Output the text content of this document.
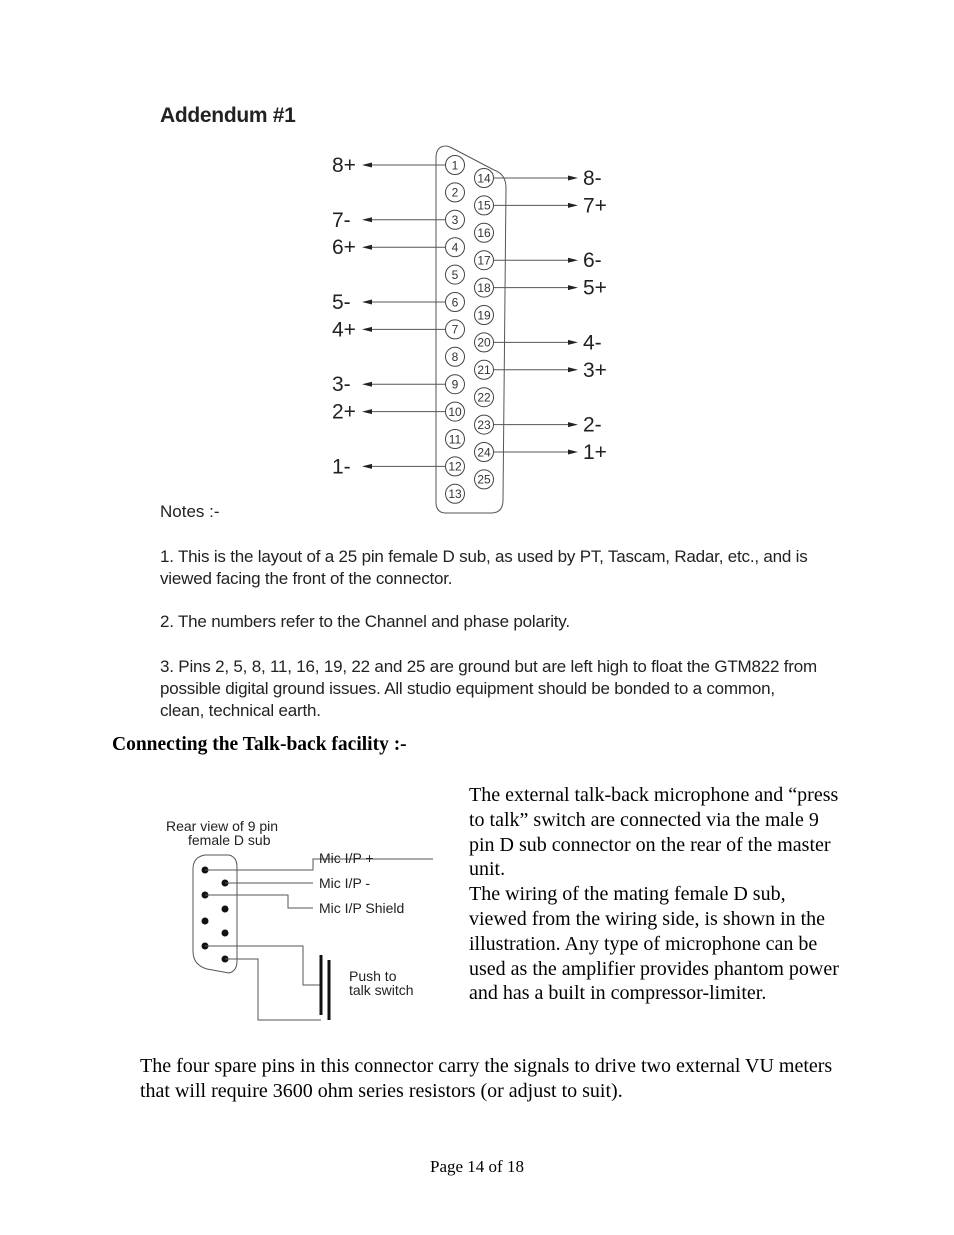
Addendum #1
1
2
3
4
5
6
7
8
9
10
11
12
13
14
15
16
17
18
19
20
21
22
23
24
25
8+
7-
6+
5-
4+
3-
2+
1-
8-
7+
6-
5+
4-
3+
2-
1+
Notes :-
1. This is the layout of a 25 pin female D sub, as used by PT, Tascam, Radar, etc., and is viewed facing the front of the connector.
2. The numbers refer to the Channel and phase polarity.
3. Pins 2, 5, 8, 11, 16, 19, 22 and 25 are ground but are left high to float the GTM822 from possible digital ground issues. All studio equipment should be bonded to a common, clean, technical earth.
Connecting the Talk-back facility :-
Rear view of 9 pin
female D sub
Mic I/P +
Mic I/P -
Mic I/P Shield
Push to
talk switch
The external talk-back microphone and “press to talk” switch are connected via the male 9 pin D sub connector on the rear of the master unit.
The wiring of the mating female D sub, viewed from the wiring side, is shown in the illustration. Any type of microphone can be used as the amplifier provides phantom power and has a built in compressor-limiter.
The four spare pins in this connector carry the signals to drive two external VU meters that will require 3600 ohm series resistors (or adjust to suit).
Page 14 of 18
